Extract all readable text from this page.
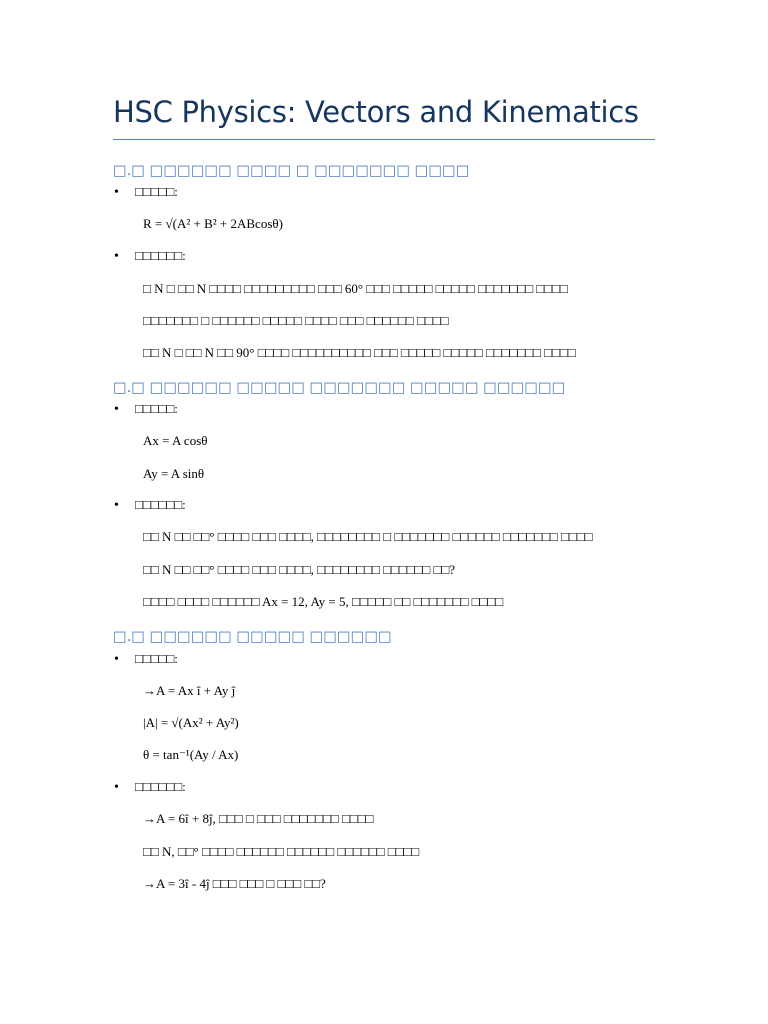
HSC Physics: Vectors and Kinematics
□.□ □□□□□□ □□□□ □ □□□□□□□ □□□□
• □□□□□:
R = √(A² + B² + 2ABcosθ)
• □□□□□□:
□ N □ □□ N □□□□ □□□□□□□□□ □□□ 60° □□□ □□□□□ □□□□□ □□□□□□□ □□□□
□□□□□□□ □ □□□□□□ □□□□□ □□□□ □□□ □□□□□□ □□□□
□□ N □ □□ N □□ 90° □□□□ □□□□□□□□□□ □□□ □□□□□ □□□□□ □□□□□□□ □□□□
□.□ □□□□□□ □□□□□ □□□□□□□ □□□□□ □□□□□□
• □□□□□:
Ax = A cosθ
Ay = A sinθ
• □□□□□□:
□□ N □□ □□° □□□□ □□□ □□□□, □□□□□□□□ □ □□□□□□□ □□□□□□ □□□□□□□ □□□□
□□ N □□ □□° □□□□ □□□ □□□□, □□□□□□□□ □□□□□□ □□?
□□□□ □□□□ □□□□□□ Ax = 12, Ay = 5, □□□□□ □□ □□□□□□□ □□□□
□.□ □□□□□□ □□□□□ □□□□□□
• □□□□□:
→A = Ax î + Ay ĵ
|A| = √(Ax² + Ay²)
θ = tan⁻¹(Ay / Ax)
• □□□□□□:
→A = 6î + 8ĵ, □□□ □ □□□ □□□□□□□ □□□□
□□ N, □□° □□□□ □□□□□□ □□□□□□ □□□□□□ □□□□
→A = 3î - 4ĵ □□□ □□□ □ □□□ □□?
